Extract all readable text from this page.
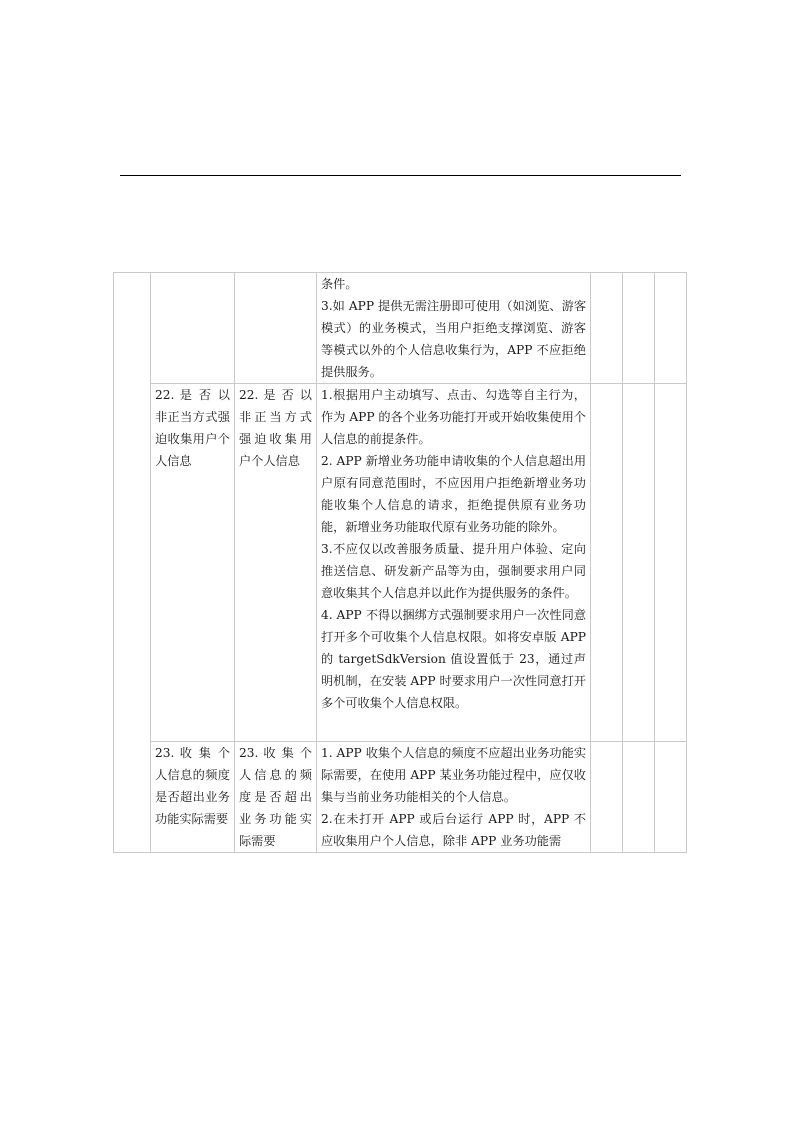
			条件。

3.如 APP 提供无需注册即可使用（如浏览、游客模式）的业务模式，当用户拒绝支撑浏览、游客等模式以外的个人信息收集行为，APP 不应拒绝提供服务。			

	22. 是 否 以非正当方式强迫收集用户个人信息	22. 是 否 以非正当方式强迫收集用户个人信息	1.根据用户主动填写、点击、勾选等自主行为，作为 APP 的各个业务功能打开或开始收集使用个人信息的前提条件。

2. APP 新增业务功能申请收集的个人信息超出用户原有同意范围时，不应因用户拒绝新增业务功能收集个人信息的请求，拒绝提供原有业务功能，新增业务功能取代原有业务功能的除外。

3.不应仅以改善服务质量、提升用户体验、定向推送信息、研发新产品等为由，强制要求用户同意收集其个人信息并以此作为提供服务的条件。

4. APP 不得以捆绑方式强制要求用户一次性同意打开多个可收集个人信息权限。如将安卓版 APP 的 targetSdkVersion 值设置低于 23，通过声明机制，在安装 APP 时要求用户一次性同意打开多个可收集个人信息权限。			

	23. 收 集 个人信息的频度是否超出业务功能实际需要	23. 收 集 个人信息的频度是否超出业务功能实际需要	1. APP 收集个人信息的频度不应超出业务功能实际需要，在使用 APP 某业务功能过程中，应仅收集与当前业务功能相关的个人信息。

2.在未打开 APP 或后台运行 APP 时，APP 不应收集用户个人信息，除非 APP 业务功能需			
